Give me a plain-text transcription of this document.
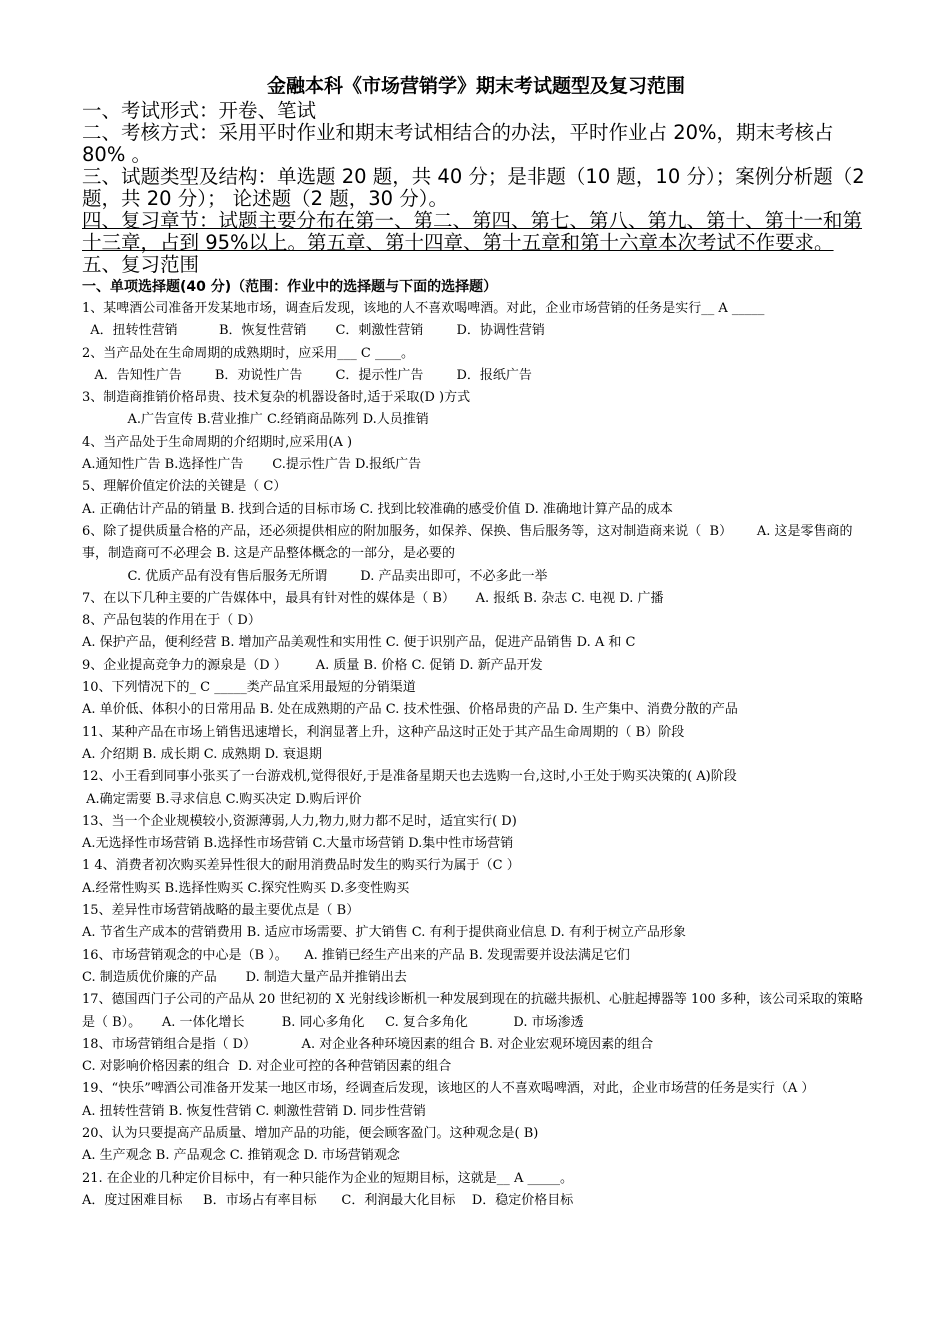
金融本科《市场营销学》期末考试题型及复习范围

一、考试形式：开卷、笔试

二、考核方式：采用平时作业和期末考试相结合的办法，平时作业占 20%，期末考核占 80% 。

三、试题类型及结构：单选题 20 题，共 40 分；是非题（10 题，10 分）；案例分析题（2 题，共 20 分）； 论述题（2 题，30 分）。

四、复习章节：试题主要分布在第一、第二、第四、第七、第八、第九、第十、第十一和第十三章，占到 95%以上。第五章、第十四章、第十五章和第十六章本次考试不作要求。

五、复习范围

一、单项选择题(40 分)（范围：作业中的选择题与下面的选择题）

1、某啤酒公司准备开发某地市场，调查后发现，该地的人不喜欢喝啤酒。对此，企业市场营销的任务是实行__ A _____

A．扭转性营销          B．恢复性营销       C．刺激性营销        D．协调性营销

2、当产品处在生命周期的成熟期时，应采用___ C ____。

A．告知性广告        B．劝说性广告        C．提示性广告        D．报纸广告

3、制造商推销价格昂贵、技术复杂的机器设备时,适于采取(D )方式

A.广告宣传 B.营业推广 C.经销商品陈列 D.人员推销

4、当产品处于生命周期的介绍期时,应采用(A )

A.通知性广告 B.选择性广告       C.提示性广告 D.报纸广告

5、理解价值定价法的关键是（ C）

A. 正确估计产品的销量 B. 找到合适的目标市场 C. 找到比较准确的感受价值 D. 准确地计算产品的成本

6、除了提供质量合格的产品，还必须提供相应的附加服务，如保养、保换、售后服务等，这对制造商来说（  B）      A. 这是零售商的事，制造商可不必理会 B. 这是产品整体概念的一部分，是必要的

C. 优质产品有没有售后服务无所谓        D. 产品卖出即可，不必多此一举

7、在以下几种主要的广告媒体中，最具有针对性的媒体是（ B）     A. 报纸 B. 杂志 C. 电视 D. 广播

8、产品包装的作用在于（ D）

A. 保护产品，便利经营 B. 增加产品美观性和实用性 C. 便于识别产品，促进产品销售 D. A 和 C

9、企业提高竞争力的源泉是（D ）       A. 质量 B. 价格 C. 促销 D. 新产品开发

10、下列情况下的_ C _____类产品宜采用最短的分销渠道

A. 单价低、体积小的日常用品 B. 处在成熟期的产品 C. 技术性强、价格昂贵的产品 D. 生产集中、消费分散的产品

11、某种产品在市场上销售迅速增长，利润显著上升，这种产品这时正处于其产品生命周期的（ B）阶段

A. 介绍期 B. 成长期 C. 成熟期 D. 衰退期

12、小王看到同事小张买了一台游戏机,觉得很好,于是准备星期天也去选购一台,这时,小王处于购买决策的( A)阶段

A.确定需要 B.寻求信息 C.购买决定 D.购后评价

13、当一个企业规模较小,资源薄弱,人力,物力,财力都不足时，适宜实行( D)

A.无选择性市场营销 B.选择性市场营销 C.大量市场营销 D.集中性市场营销

1 4、消费者初次购买差异性很大的耐用消费品时发生的购买行为属于（C ）

A.经常性购买 B.选择性购买 C.探究性购买 D.多变性购买

15、差异性市场营销战略的最主要优点是（ B）

A. 节省生产成本的营销费用 B. 适应市场需要、扩大销售 C. 有利于提供商业信息 D. 有利于树立产品形象

16、市场营销观念的中心是（B ）。    A. 推销已经生产出来的产品 B. 发现需要并设法满足它们

C. 制造质优价廉的产品       D. 制造大量产品并推销出去

17、德国西门子公司的产品从 20 世纪初的 X 光射线诊断机一种发展到现在的抗磁共振机、心脏起搏器等 100 多种，该公司采取的策略是（ B）。     A. 一体化增长         B. 同心多角化     C. 复合多角化           D. 市场渗透

18、市场营销组合是指（ D）           A. 对企业各种环境因素的组合 B. 对企业宏观环境因素的组合

C. 对影响价格因素的组合  D. 对企业可控的各种营销因素的组合

19、“快乐”啤酒公司准备开发某一地区市场，经调查后发现，该地区的人不喜欢喝啤酒，对此，企业市场营的任务是实行（A ）

A. 扭转性营销 B. 恢复性营销 C. 刺激性营销 D. 同步性营销

20、认为只要提高产品质量、增加产品的功能，便会顾客盈门。这种观念是( B)

A. 生产观念 B. 产品观念 C. 推销观念 D. 市场营销观念

21. 在企业的几种定价目标中，有一种只能作为企业的短期目标，这就是__ A _____。

A．度过困难目标     B．市场占有率目标      C．利润最大化目标    D．稳定价格目标
